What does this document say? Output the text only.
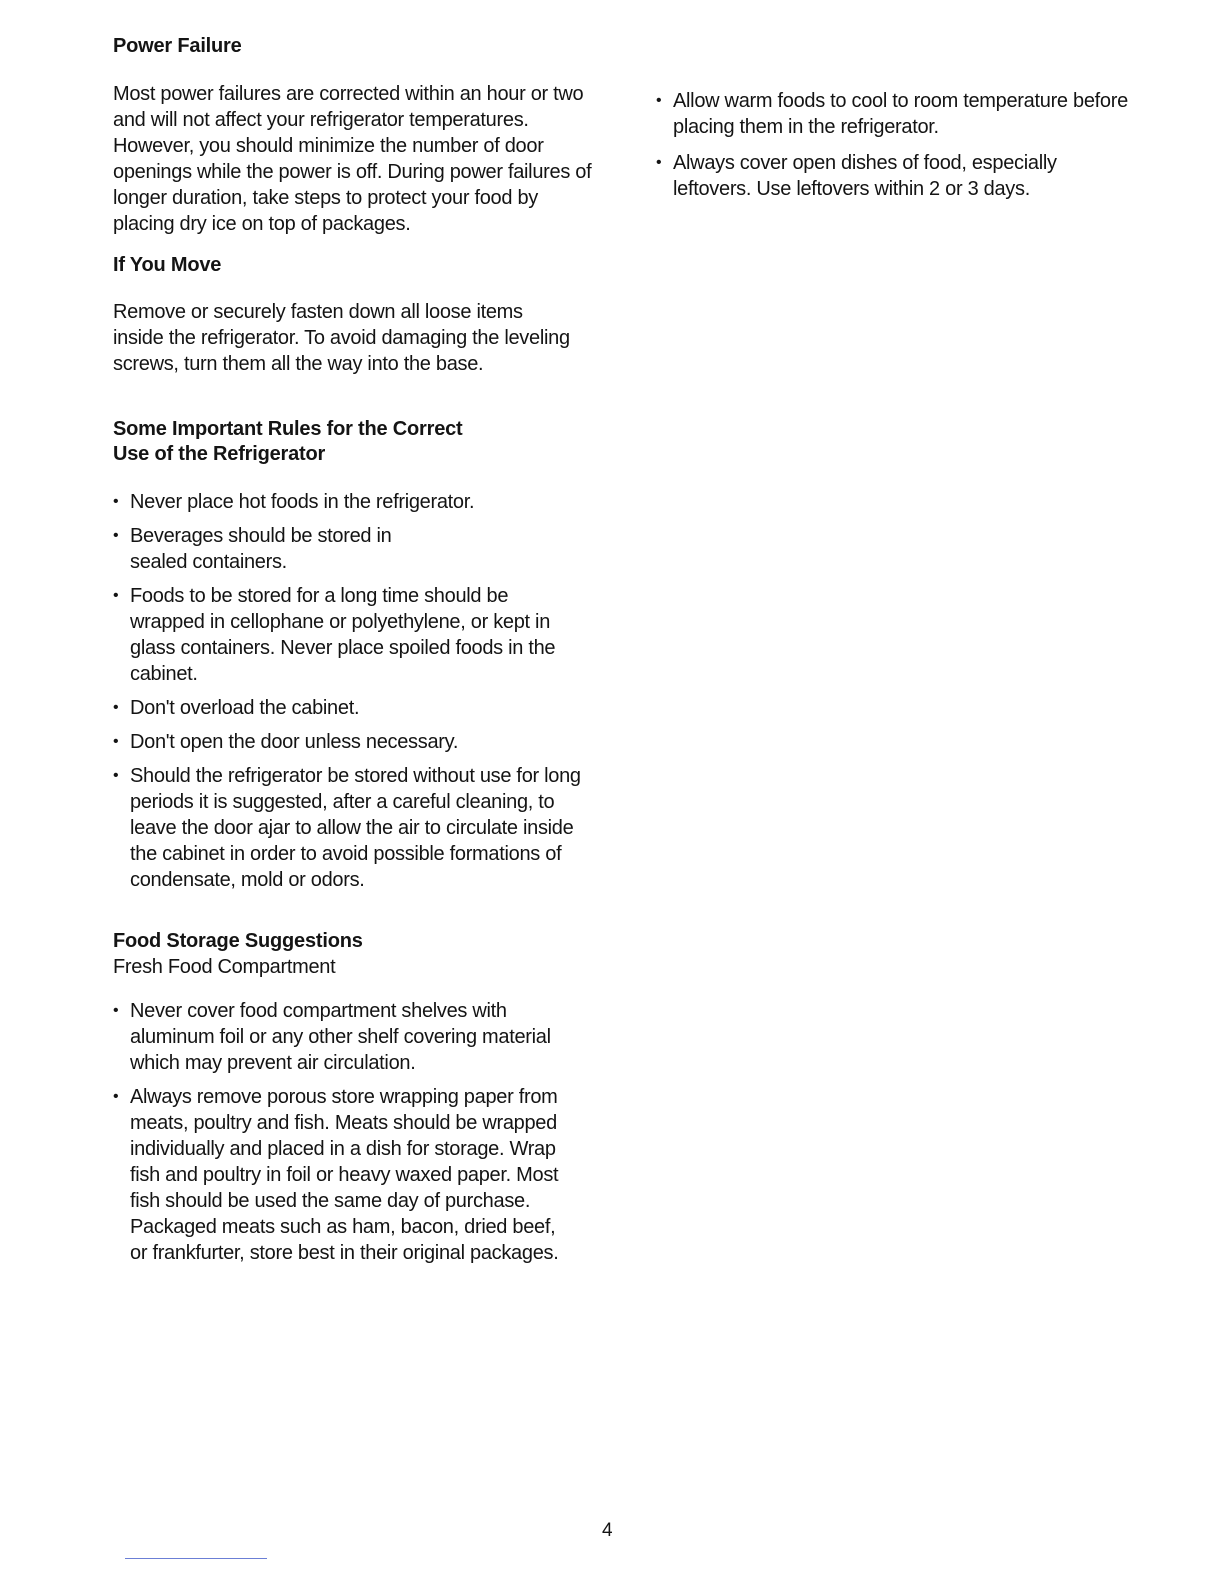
Power Failure

Most power failures are corrected within an hour or two and will not affect your refrigerator temperatures. However, you should minimize the number of door openings while the power is off. During power failures of longer duration, take steps to protect your food by placing dry ice on top of packages.

If You Move

Remove or securely fasten down all loose items inside the refrigerator. To avoid damaging the leveling screws, turn them all the way into the base.

Some Important Rules for the Correct
Use of the Refrigerator
• Never place hot foods in the refrigerator.
• Beverages should be stored in sealed containers.
• Foods to be stored for a long time should be wrapped in cellophane or polyethylene, or kept in glass containers. Never place spoiled foods in the cabinet.
• Don't overload the cabinet.
• Don't open the door unless necessary.
• Should the refrigerator be stored without use for long periods it is suggested, after a careful cleaning, to leave the door ajar to allow the air to circulate inside the cabinet in order to avoid possible formations of condensate, mold or odors.
Food Storage Suggestions
Fresh Food Compartment
• Never cover food compartment shelves with aluminum foil or any other shelf covering material which may prevent air circulation.
• Always remove porous store wrapping paper from meats, poultry and fish. Meats should be wrapped individually and placed in a dish for storage. Wrap fish and poultry in foil or heavy waxed paper. Most fish should be used the same day of purchase. Packaged meats such as ham, bacon, dried beef, or frankfurter, store best in their original packages.
• Allow warm foods to cool to room temperature before placing them in the refrigerator.
• Always cover open dishes of food, especially leftovers. Use leftovers within 2 or 3 days.
4
